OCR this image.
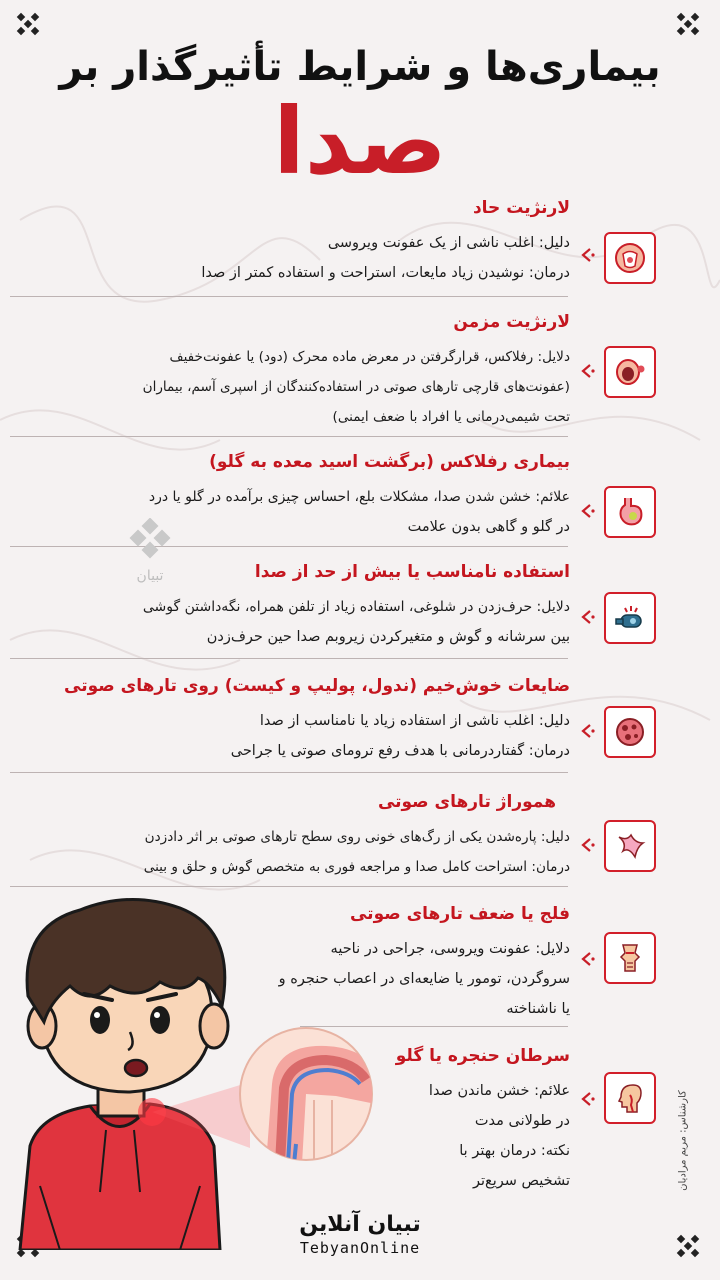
بیماری‌ها و شرایط تأثیرگذار بر
صدا
لارنژیت حاد
دلیل: اغلب ناشی از یک عفونت ویروسی
درمان: نوشیدن زیاد مایعات، استراحت و استفاده کمتر از صدا
لارنژیت مزمن
دلایل: رفلاکس، قرارگرفتن در معرض ماده محرک (دود) یا عفونت‌خفیف
(عفونت‌های قارچی تارهای صوتی در استفاده‌کنندگان از اسپری آسم، بیماران
تحت شیمی‌درمانی یا افراد با ضعف ایمنی)
بیماری رفلاکس (برگشت اسید معده به گلو)
علائم: خشن شدن صدا، مشکلات بلع، احساس چیزی برآمده در گلو یا درد
در گلو و گاهی بدون علامت
استفاده نامناسب یا بیش از حد از صدا
دلایل: حرف‌زدن در شلوغی، استفاده زیاد از تلفن همراه، نگه‌داشتن گوشی
بین سرشانه و گوش و متغیرکردن زیروبم صدا حین حرف‌زدن
ضایعات خوش‌خیم (ندول، پولیپ و کیست) روی تارهای صوتی
دلیل: اغلب ناشی از استفاده زیاد یا نامناسب از صدا
درمان: گفتاردرمانی با هدف رفع ترومای صوتی یا جراحی
هموراژ تارهای صوتی
دلیل: پاره‌شدن یکی از رگ‌های خونی روی سطح تارهای صوتی بر اثر دادزدن
درمان: استراحت کامل صدا و مراجعه فوری به متخصص گوش و حلق و بینی
فلج یا ضعف تارهای صوتی
دلایل: عفونت ویروسی، جراحی در ناحیه
سروگردن، تومور یا ضایعه‌ای در اعصاب حنجره و
یا ناشناخته
سرطان حنجره یا گلو
علائم: خشن ماندن صدا
در طولانی مدت
نکته: درمان بهتر با
تشخیص سریع‌تر
تبیان
کارشناس: مریم مرادیان
تبیان آنلاین
TebyanOnline
